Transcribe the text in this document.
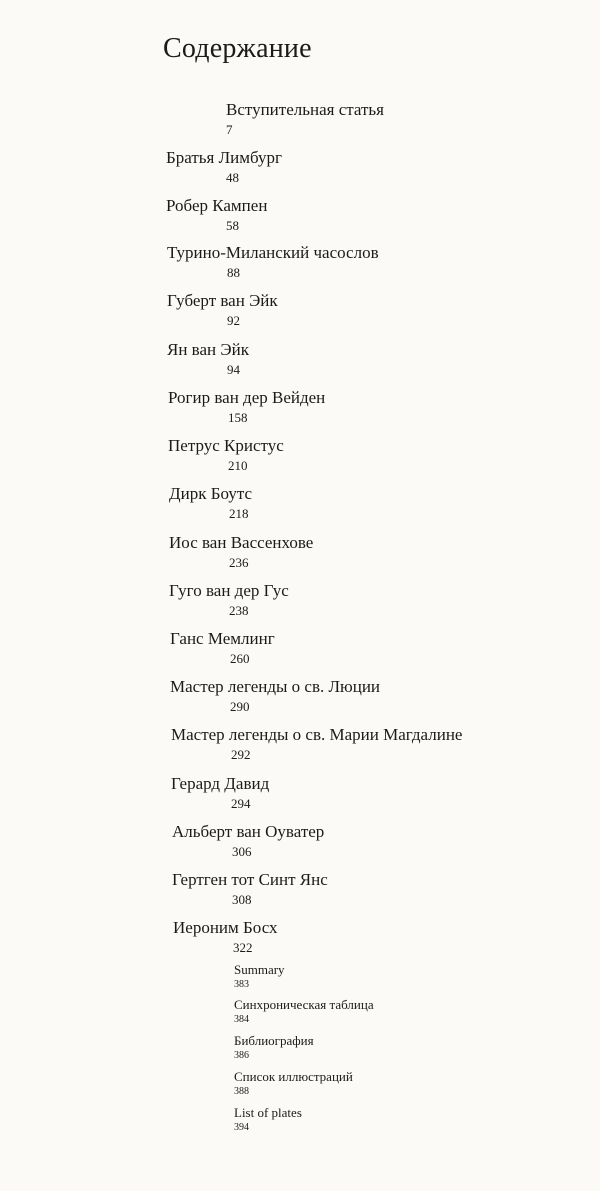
Содержание
Вступительная статья
7
Братья Лимбург
48
Робер Кампен
58
Турино-Миланский часослов
88
Губерт ван Эйк
92
Ян ван Эйк
94
Рогир ван дер Вейден
158
Петрус Кристус
210
Дирк Боутс
218
Иос ван Вассенхове
236
Гуго ван дер Гус
238
Ганс Мемлинг
260
Мастер легенды о св. Люции
290
Мастер легенды о св. Марии Магдалине
292
Герард Давид
294
Альберт ван Оуватер
306
Гертген тот Синт Янс
308
Иероним Босх
322
Summary
383
Синхроническая таблица
384
Библиография
386
Список иллюстраций
388
List of plates
394
